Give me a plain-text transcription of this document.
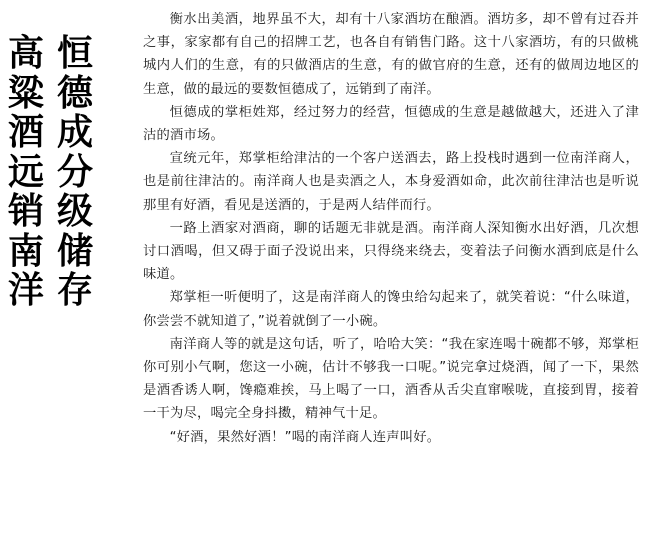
恒
德
成
分
级
储
存
高
粱
酒
远
销
南
洋

衡水出美酒，地界虽不大，却有十八家酒坊在酿酒。酒坊多，却不曾有过吞并之事，家家都有自己的招牌工艺，也各自有销售门路。这十八家酒坊，有的只做桃城内人们的生意，有的只做酒店的生意，有的做官府的生意，还有的做周边地区的生意，做的最远的要数恒德成了，远销到了南洋。

恒德成的掌柜姓郑，经过努力的经营，恒德成的生意是越做越大，还进入了津沽的酒市场。

宣统元年，郑掌柜给津沽的一个客户送酒去，路上投栈时遇到一位南洋商人，也是前往津沽的。南洋商人也是卖酒之人，本身爱酒如命，此次前往津沽也是听说那里有好酒，看见是送酒的，于是两人结伴而行。

一路上酒家对酒商，聊的话题无非就是酒。南洋商人深知衡水出好酒，几次想讨口酒喝，但又碍于面子没说出来，只得绕来绕去，变着法子问衡水酒到底是什么味道。

郑掌柜一听便明了，这是南洋商人的馋虫给勾起来了，就笑着说：“什么味道，你尝尝不就知道了，”说着就倒了一小碗。

南洋商人等的就是这句话，听了，哈哈大笑：“我在家连喝十碗都不够，郑掌柜你可别小气啊，您这一小碗，估计不够我一口呢。”说完拿过烧酒，闻了一下，果然是酒香诱人啊，馋瘾难挨，马上喝了一口，酒香从舌尖直窜喉咙，直接到胃，接着一干为尽，喝完全身抖擞，精神气十足。

“好酒，果然好酒！”喝的南洋商人连声叫好。
